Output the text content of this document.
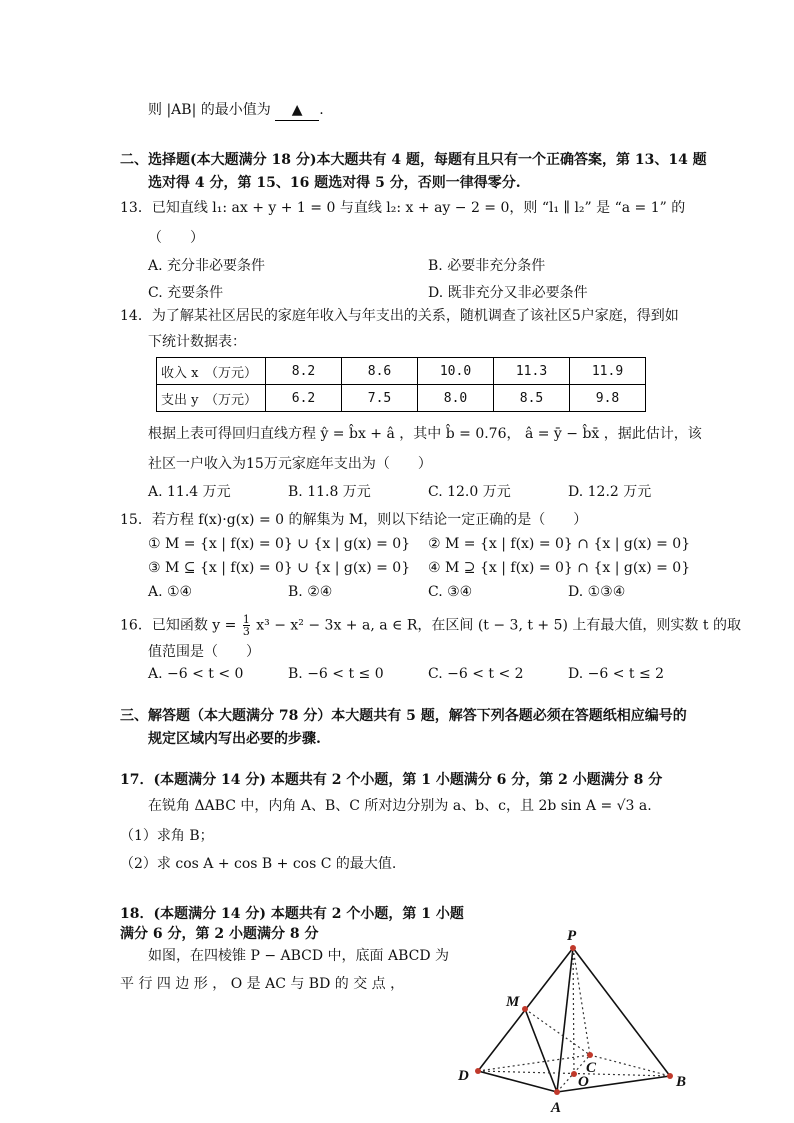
则 |AB| 的最小值为 ▲ .
二、选择题(本大题满分 18 分)本大题共有 4 题，每题有且只有一个正确答案，第 13、14 题
选对得 4 分，第 15、16 题选对得 5 分，否则一律得零分.
13．已知直线 l₁: ax + y + 1 = 0 与直线 l₂: x + ay − 2 = 0，则 “l₁ ∥ l₂” 是 “a = 1” 的
（　　）
A. 充分非必要条件	B. 必要非充分条件
C. 充要条件	D. 既非充分又非必要条件
14．为了解某社区居民的家庭年收入与年支出的关系，随机调查了该社区5户家庭，得到如
下统计数据表：
收入 x　（万元）	8.2	8.6	10.0	11.3	11.9
支出 y　（万元）	6.2	7.5	8.0	8.5	9.8
根据上表可得回归直线方程 ŷ = b̂x + â ，其中 b̂ = 0.76， â = ȳ − b̂x̄ ，据此估计，该
社区一户收入为15万元家庭年支出为（　　）
A. 11.4 万元	B. 11.8 万元	C. 12.0 万元	D. 12.2 万元
15．若方程 f(x)·g(x) = 0 的解集为 M，则以下结论一定正确的是（　　）
① M = {x | f(x) = 0} ∪ {x | g(x) = 0} ② M = {x | f(x) = 0} ∩ {x | g(x) = 0}
③ M ⊆ {x | f(x) = 0} ∪ {x | g(x) = 0} ④ M ⊇ {x | f(x) = 0} ∩ {x | g(x) = 0}
A. ①④	B. ②④	C. ③④	D. ①③④
16．已知函数 $y = \frac{1}{3} x^3 - x^2 - 3x + a$, a ∈ R，在区间 (t − 3, t + 5) 上有最大值，则实数 t 的取
值范围是（　　）
A. −6 < t < 0	B. −6 < t ≤ 0	C. −6 < t < 2	D. −6 < t ≤ 2
三、解答题（本大题满分 78 分）本大题共有 5 题，解答下列各题必须在答题纸相应编号的
规定区域内写出必要的步骤.
17．(本题满分 14 分) 本题共有 2 个小题，第 1 小题满分 6 分，第 2 小题满分 8 分
在锐角 ΔABC 中，内角 A、B、C 所对边分别为 a、b、c，且 2b sin A = √3 a.
（1）求角 B；
（2）求 cos A + cos B + cos C 的最大值.
18．(本题满分 14 分) 本题共有 2 个小题，第 1 小题
满分 6 分，第 2 小题满分 8 分
如图，在四棱锥 P − ABCD 中，底面 ABCD 为
平 行 四 边 形 ， O 是 AC 与 BD 的 交 点 ，
P
M
C
D	O
A
B
